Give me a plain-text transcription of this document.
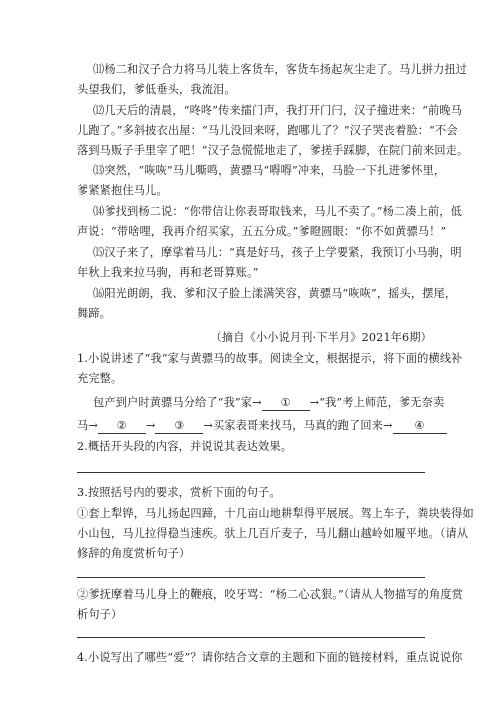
⑾杨二和汉子合力将马儿装上客货车，客货车扬起灰尘走了。马儿拼力扭过
头望我们，爹低垂头，我流泪。
⑿几天后的清晨，“咚咚”传来擂门声，我打开门闩，汉子撞进来：“前晚马
儿跑了。”多斜披衣出屋：“马儿没回来呀，跑哪儿了？”汉子哭丧着脸：“不会
落到马贩子手里宰了吧！”汉子急慌慌地走了，爹搓手踩脚，在院门前来回走。
⒀突然，“咴咴”马儿嘶鸣，黄骠马“嘚嘚”冲来，马脸一下扎进爹怀里，
爹紧紧抱住马儿。
⒁爹找到杨二说：“你带信让你表哥取钱来，马儿不卖了。”杨二凑上前，低
声说：“带啥哩，我再介绍买家，五五分成。”爹瞪圆眼：“你不如黄骠马！”
⒂汉子来了，摩挲着马儿：“真是好马，孩子上学要紧，我预订小马驹，明
年秋上我来拉马驹，再和老哥算账。”
⒃阳光朗朗，我、爹和汉子脸上漾满笑容，黄骠马“咴咴”，摇头，摆尾，
舞蹄。
（摘自《小小说月刊·下半月》2021年6期）
1.小说讲述了“我”家与黄骠马的故事。阅读全文，根据提示，将下面的横线补
充完整。
包产到户时黄骠马分给了“我”家→ ① →“我”考上师范，爹无奈卖
马→ ② → ③ →买家表哥来找马，马真的跑了回来→ ④
2.概括开头段的内容，并说说其表达效果。
3.按照括号内的要求，赏析下面的句子。
①套上犁铧，马儿扬起四蹄，十几亩山地耕犁得平展展。驾上车子，粪块装得如
小山包，马儿拉得稳当速疾。驮上几百斤麦子，马儿翻山越岭如履平地。（请从
修辞的角度赏析句子）
②爹抚摩着马儿身上的鞭痕，咬牙骂：“杨二心忒狠。”（请从人物描写的角度赏
析句子）
4.小说写出了哪些“爱”？请你结合文章的主题和下面的链接材料，重点说说你
